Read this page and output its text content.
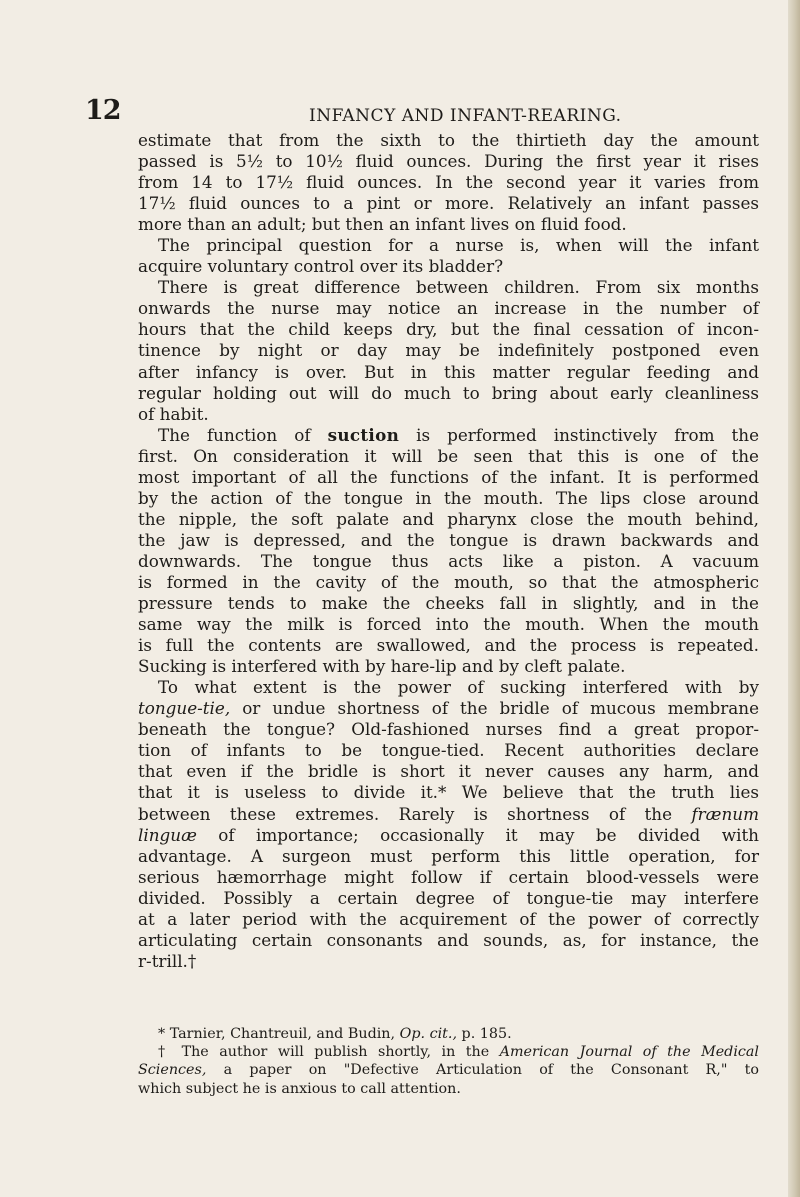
12	INFANCY AND INFANT-REARING.
estimate that from the sixth to the thirtieth day the amount
passed is 5½ to 10½ fluid ounces. During the first year it rises
from 14 to 17½ fluid ounces. In the second year it varies from
17½ fluid ounces to a pint or more. Relatively an infant passes
more than an adult; but then an infant lives on fluid food.
The principal question for a nurse is, when will the infant
acquire voluntary control over its bladder?
There is great difference between children. From six months
onwards the nurse may notice an increase in the number of
hours that the child keeps dry, but the final cessation of incon-
tinence by night or day may be indefinitely postponed even
after infancy is over. But in this matter regular feeding and
regular holding out will do much to bring about early cleanliness
of habit.
The function of suction is performed instinctively from the
first. On consideration it will be seen that this is one of the
most important of all the functions of the infant. It is performed
by the action of the tongue in the mouth. The lips close around
the nipple, the soft palate and pharynx close the mouth behind,
the jaw is depressed, and the tongue is drawn backwards and
downwards. The tongue thus acts like a piston. A vacuum
is formed in the cavity of the mouth, so that the atmospheric
pressure tends to make the cheeks fall in slightly, and in the
same way the milk is forced into the mouth. When the mouth
is full the contents are swallowed, and the process is repeated.
Sucking is interfered with by hare-lip and by cleft palate.
To what extent is the power of sucking interfered with by
tongue-tie, or undue shortness of the bridle of mucous membrane
beneath the tongue? Old-fashioned nurses find a great propor-
tion of infants to be tongue-tied. Recent authorities declare
that even if the bridle is short it never causes any harm, and
that it is useless to divide it.* We believe that the truth lies
between these extremes. Rarely is shortness of the frænum
linguæ of importance; occasionally it may be divided with
advantage. A surgeon must perform this little operation, for
serious hæmorrhage might follow if certain blood-vessels were
divided. Possibly a certain degree of tongue-tie may interfere
at a later period with the acquirement of the power of correctly
articulating certain consonants and sounds, as, for instance, the
r-trill.†
* Tarnier, Chantreuil, and Budin, Op. cit., p. 185.
† The author will publish shortly, in the American Journal of the Medical
Sciences, a paper on "Defective Articulation of the Consonant R," to
which subject he is anxious to call attention.
